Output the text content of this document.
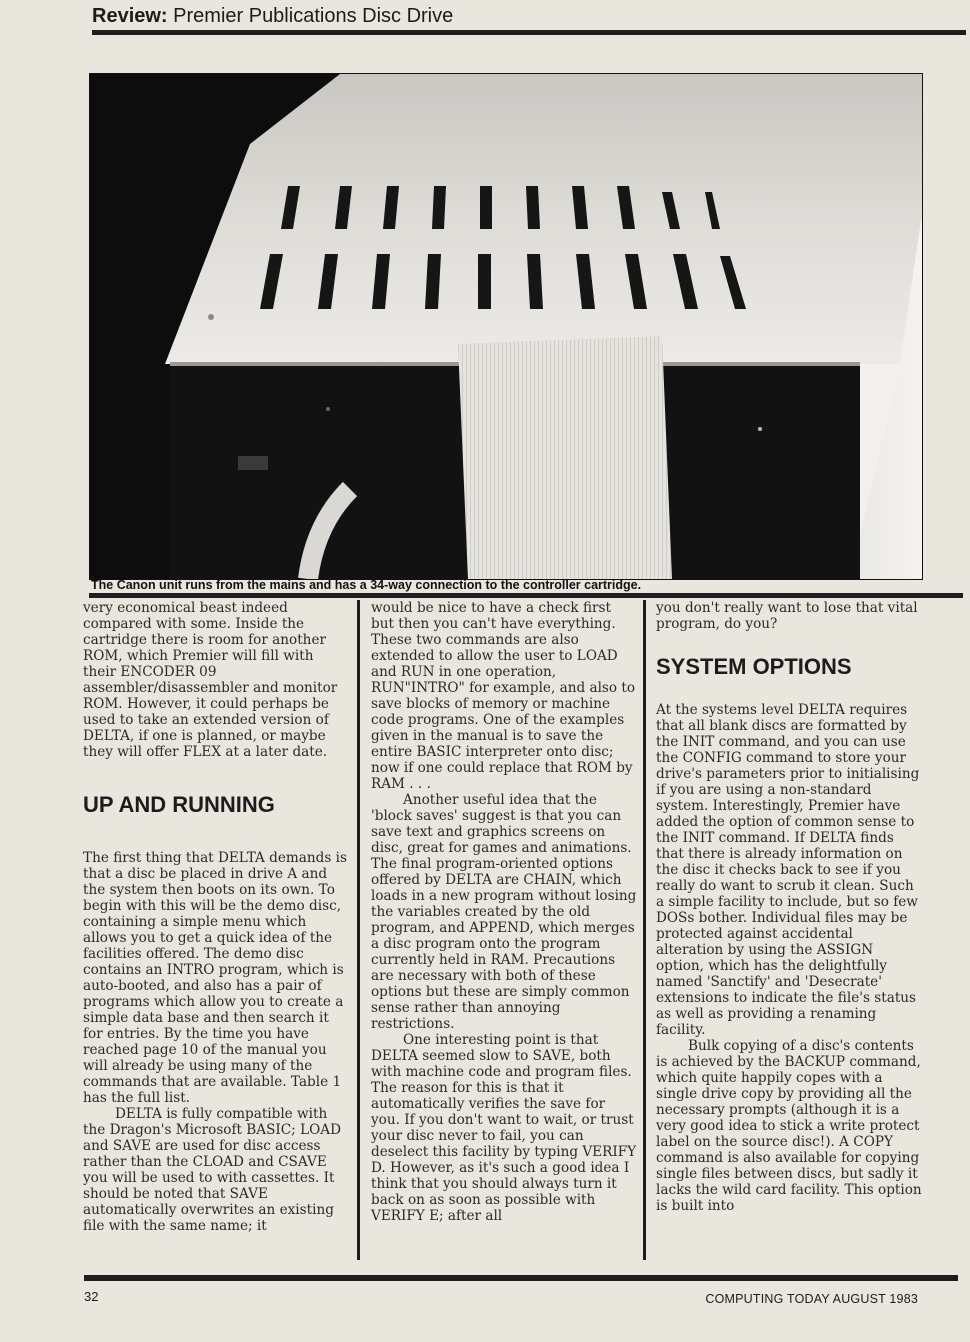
Review: Premier Publications Disc Drive
The Canon unit runs from the mains and has a 34-way connection to the controller cartridge.

very economical beast indeed compared with some. Inside the cartridge there is room for another ROM, which Premier will fill with their ENCODER 09 assembler/disassembler and monitor ROM. However, it could perhaps be used to take an extended version of DELTA, if one is planned, or maybe they will offer FLEX at a later date.

UP AND RUNNING

The first thing that DELTA demands is that a disc be placed in drive A and the system then boots on its own. To begin with this will be the demo disc, containing a simple menu which allows you to get a quick idea of the facilities offered. The demo disc contains an INTRO program, which is auto-booted, and also has a pair of programs which allow you to create a simple data base and then search it for entries. By the time you have reached page 10 of the manual you will already be using many of the commands that are available. Table 1 has the full list.

DELTA is fully compatible with the Dragon's Microsoft BASIC; LOAD and SAVE are used for disc access rather than the CLOAD and CSAVE you will be used to with cassettes. It should be noted that SAVE automatically overwrites an existing file with the same name; it

would be nice to have a check first but then you can't have everything. These two commands are also extended to allow the user to LOAD and RUN in one operation, RUN"INTRO" for example, and also to save blocks of memory or machine code programs. One of the examples given in the manual is to save the entire BASIC interpreter onto disc; now if one could replace that ROM by RAM . . .

Another useful idea that the 'block saves' suggest is that you can save text and graphics screens on disc, great for games and animations. The final program-oriented options offered by DELTA are CHAIN, which loads in a new program without losing the variables created by the old program, and APPEND, which merges a disc program onto the program currently held in RAM. Precautions are necessary with both of these options but these are simply common sense rather than annoying restrictions.

One interesting point is that DELTA seemed slow to SAVE, both with machine code and program files. The reason for this is that it automatically verifies the save for you. If you don't want to wait, or trust your disc never to fail, you can deselect this facility by typing VERIFY D. However, as it's such a good idea I think that you should always turn it back on as soon as possible with VERIFY E; after all

you don't really want to lose that vital program, do you?

SYSTEM OPTIONS

At the systems level DELTA requires that all blank discs are formatted by the INIT command, and you can use the CONFIG command to store your drive's parameters prior to initialising if you are using a non-standard system. Interestingly, Premier have added the option of common sense to the INIT command. If DELTA finds that there is already information on the disc it checks back to see if you really do want to scrub it clean. Such a simple facility to include, but so few DOSs bother. Individual files may be protected against accidental alteration by using the ASSIGN option, which has the delightfully named 'Sanctify' and 'Desecrate' extensions to indicate the file's status as well as providing a renaming facility.

Bulk copying of a disc's contents is achieved by the BACKUP command, which quite happily copes with a single drive copy by providing all the necessary prompts (although it is a very good idea to stick a write protect label on the source disc!). A COPY command is also available for copying single files between discs, but sadly it lacks the wild card facility. This option is built into

32	COMPUTING TODAY AUGUST 1983
